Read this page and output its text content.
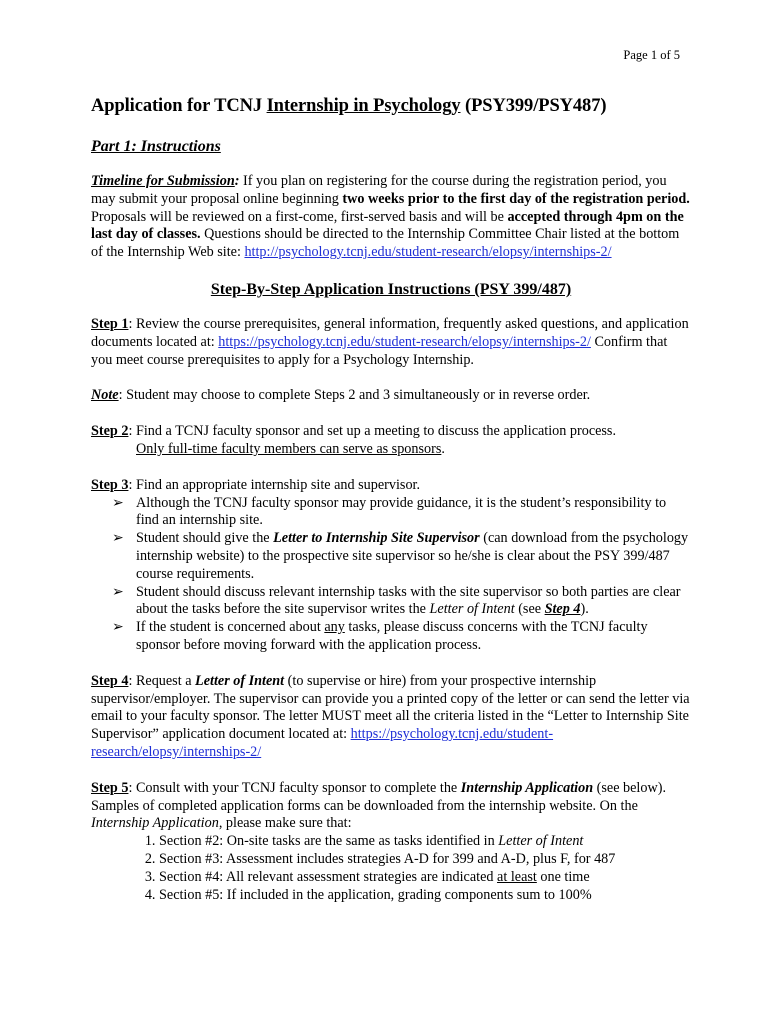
Page 1 of 5
Application for TCNJ Internship in Psychology (PSY399/PSY487)
Part 1: Instructions

Timeline for Submission: If you plan on registering for the course during the registration period, you may submit your proposal online beginning two weeks prior to the first day of the registration period. Proposals will be reviewed on a first-come, first-served basis and will be accepted through 4pm on the last day of classes. Questions should be directed to the Internship Committee Chair listed at the bottom of the Internship Web site: http://psychology.tcnj.edu/student-research/elopsy/internships-2/

Step-By-Step Application Instructions (PSY 399/487)

Step 1: Review the course prerequisites, general information, frequently asked questions, and application documents located at: https://psychology.tcnj.edu/student-research/elopsy/internships-2/ Confirm that you meet course prerequisites to apply for a Psychology Internship.

Note: Student may choose to complete Steps 2 and 3 simultaneously or in reverse order.

Step 2: Find a TCNJ faculty sponsor and set up a meeting to discuss the application process.

Only full-time faculty members can serve as sponsors.

Step 3: Find an appropriate internship site and supervisor.

➢ Although the TCNJ faculty sponsor may provide guidance, it is the student’s responsibility to find an internship site.
➢ Student should give the Letter to Internship Site Supervisor (can download from the psychology internship website) to the prospective site supervisor so he/she is clear about the PSY 399/487 course requirements.
➢ Student should discuss relevant internship tasks with the site supervisor so both parties are clear about the tasks before the site supervisor writes the Letter of Intent (see Step 4).
➢ If the student is concerned about any tasks, please discuss concerns with the TCNJ faculty sponsor before moving forward with the application process.

Step 4: Request a Letter of Intent (to supervise or hire) from your prospective internship supervisor/employer. The supervisor can provide you a printed copy of the letter or can send the letter via email to your faculty sponsor. The letter MUST meet all the criteria listed in the “Letter to Internship Site Supervisor” application document located at: https://psychology.tcnj.edu/student-research/elopsy/internships-2/

Step 5: Consult with your TCNJ faculty sponsor to complete the Internship Application (see below). Samples of completed application forms can be downloaded from the internship website. On the Internship Application, please make sure that:

1. Section #2: On-site tasks are the same as tasks identified in Letter of Intent
2. Section #3: Assessment includes strategies A-D for 399 and A-D, plus F, for 487
3. Section #4: All relevant assessment strategies are indicated at least one time
4. Section #5: If included in the application, grading components sum to 100%
